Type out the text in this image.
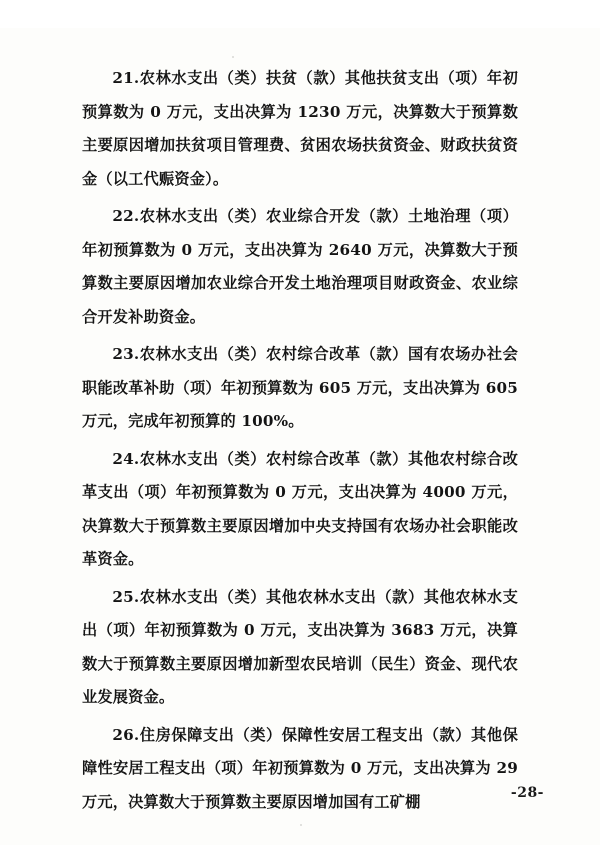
21.农林水支出（类）扶贫（款）其他扶贫支出（项）年初预算数为 0 万元，支出决算为 1230 万元，决算数大于预算数主要原因增加扶贫项目管理费、贫困农场扶贫资金、财政扶贫资金（以工代赈资金）。

22.农林水支出（类）农业综合开发（款）土地治理（项）年初预算数为 0 万元，支出决算为 2640 万元，决算数大于预算数主要原因增加农业综合开发土地治理项目财政资金、农业综合开发补助资金。

23.农林水支出（类）农村综合改革（款）国有农场办社会职能改革补助（项）年初预算数为 605 万元，支出决算为 605 万元，完成年初预算的 100%。

24.农林水支出（类）农村综合改革（款）其他农村综合改革支出（项）年初预算数为 0 万元，支出决算为 4000 万元，决算数大于预算数主要原因增加中央支持国有农场办社会职能改革资金。

25.农林水支出（类）其他农林水支出（款）其他农林水支出（项）年初预算数为 0 万元，支出决算为 3683 万元，决算数大于预算数主要原因增加新型农民培训（民生）资金、现代农业发展资金。

26.住房保障支出（类）保障性安居工程支出（款）其他保障性安居工程支出（项）年初预算数为 0 万元，支出决算为 29 万元，决算数大于预算数主要原因增加国有工矿棚	-28-
